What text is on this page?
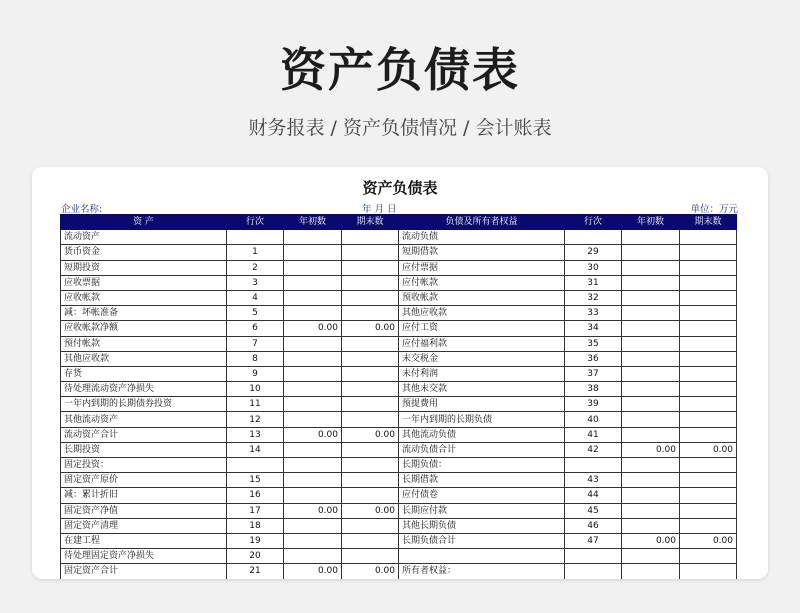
资产负债表
财务报表 / 资产负债情况 / 会计账表
资产负债表
企业名称:	年 月 日	单位：万元
资 产	行次	年初数	期末数	负债及所有者权益	行次	年初数	期末数
流动资产				流动负债			
货币资金	1			短期借款	29		
短期投资	2			应付票据	30		
应收票据	3			应付帐款	31		
应收帐款	4			预收帐款	32		
减：坏帐准备	5			其他应收款	33		
应收帐款净额	6	0.00	0.00	应付工资	34		
预付帐款	7			应付福利款	35		
其他应收款	8			未交税金	36		
存货	9			未付利润	37		
待处理流动资产净损失	10			其他未交款	38		
一年内到期的长期债券投资	11			预提费用	39		
其他流动资产	12			一年内到期的长期负债	40		
流动资产合计	13	0.00	0.00	其他流动负债	41		
长期投资	14			流动负债合计	42	0.00	0.00
固定投资：				长期负债：			
固定资产原价	15			长期借款	43		
减：累计折旧	16			应付债卷	44		
固定资产净值	17	0.00	0.00	长期应付款	45		
固定资产清理	18			其他长期负债	46		
在建工程	19			长期负债合计	47	0.00	0.00
待处理固定资产净损失	20						
固定资产合计	21	0.00	0.00	所有者权益：			
